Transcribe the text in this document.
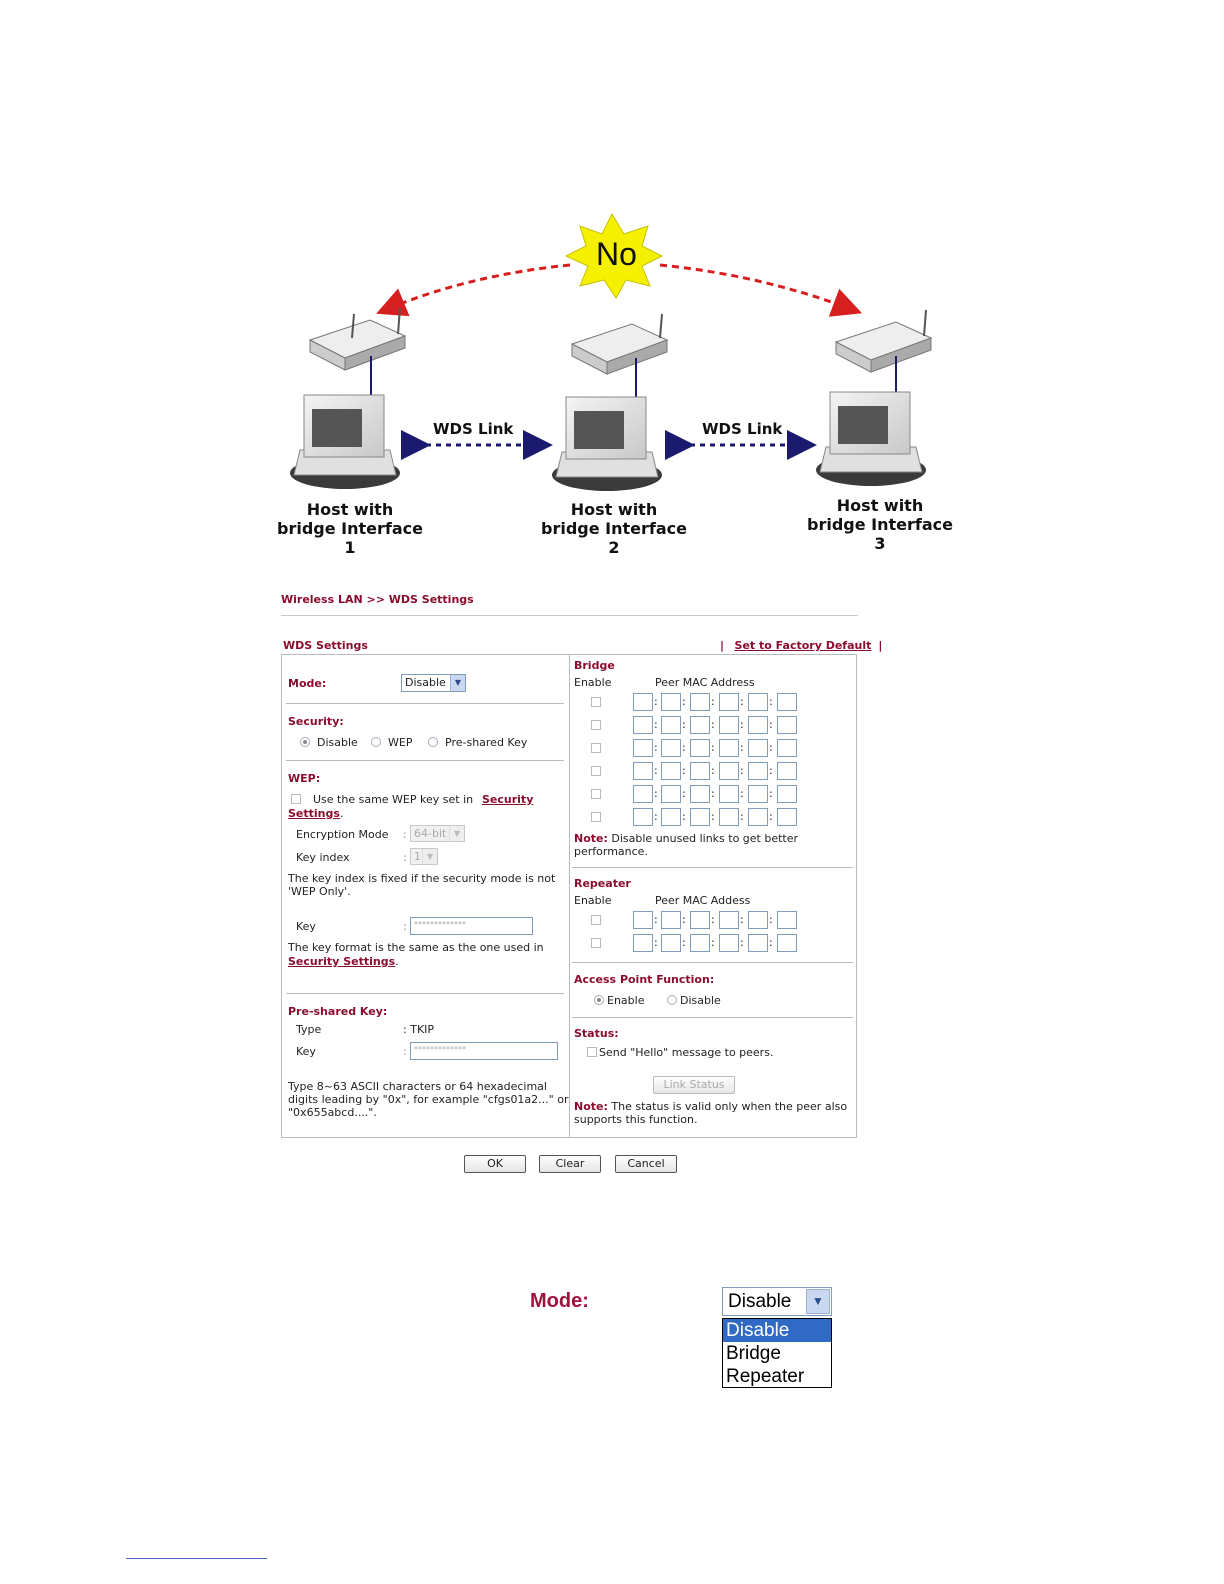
No
WDS Link	WDS Link
Host with
bridge Interface 1
Host with
bridge Interface 2
Host with
bridge Interface 3
Wireless LAN >> WDS Settings
WDS Settings	| Set to Factory Default |
Mode:	Disable	▼
Security:
Disable	WEP	Pre-shared Key
WEP:
Use the same WEP key set in Security
Settings.
Encryption Mode : 64-bit ▼
Key index	: 1 ▼
The key index is fixed if the security mode is not
'WEP Only'.
Key	: *************
The key format is the same as the one used in
Security Settings.
Pre-shared Key:
Type	: TKIP
Key	: *************
Type 8~63 ASCII characters or 64 hexadecimal
digits leading by "0x", for example "cfgs01a2..." or
"0x655abcd....".
Bridge
Enable	Peer MAC Address
: : : : :
: : : : :
: : : : :
: : : : :
: : : : :
: : : : :
Note: Disable unused links to get better
performance.
Repeater
Enable	Peer MAC Addess
: : : : :
: : : : :
Access Point Function:
Enable	Disable
Status:
Send "Hello" message to peers.
Link Status
Note: The status is valid only when the peer also
supports this function.
OK	Clear	Cancel
Mode:	Disable	▼
Disable
Bridge
Repeater
